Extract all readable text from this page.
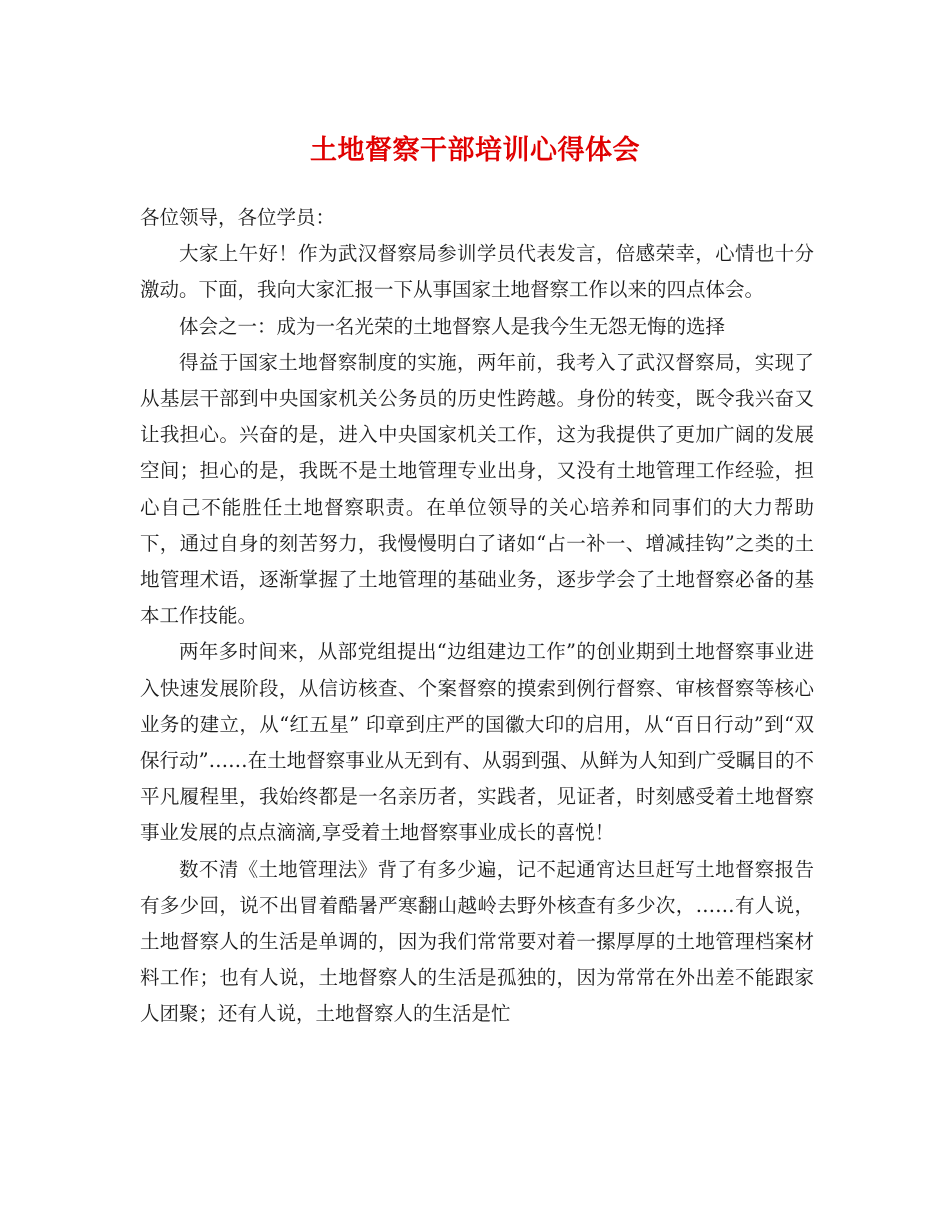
土地督察干部培训心得体会

各位领导，各位学员：

大家上午好！作为武汉督察局参训学员代表发言，倍感荣幸，心情也十分激动。下面，我向大家汇报一下从事国家土地督察工作以来的四点体会。

体会之一：成为一名光荣的土地督察人是我今生无怨无悔的选择

得益于国家土地督察制度的实施，两年前，我考入了武汉督察局，实现了从基层干部到中央国家机关公务员的历史性跨越。身份的转变，既令我兴奋又让我担心。兴奋的是，进入中央国家机关工作，这为我提供了更加广阔的发展空间；担心的是，我既不是土地管理专业出身，又没有土地管理工作经验，担心自己不能胜任土地督察职责。在单位领导的关心培养和同事们的大力帮助下，通过自身的刻苦努力，我慢慢明白了诸如“占一补一、增减挂钩”之类的土地管理术语，逐渐掌握了土地管理的基础业务，逐步学会了土地督察必备的基本工作技能。

两年多时间来，从部党组提出“边组建边工作”的创业期到土地督察事业进入快速发展阶段，从信访核查、个案督察的摸索到例行督察、审核督察等核心业务的建立，从“红五星” 印章到庄严的国徽大印的启用，从“百日行动”到“双保行动”……在土地督察事业从无到有、从弱到强、从鲜为人知到广受瞩目的不平凡履程里，我始终都是一名亲历者，实践者，见证者，时刻感受着土地督察事业发展的点点滴滴,享受着土地督察事业成长的喜悦！

数不清《土地管理法》背了有多少遍，记不起通宵达旦赶写土地督察报告有多少回，说不出冒着酷暑严寒翻山越岭去野外核查有多少次，……有人说，土地督察人的生活是单调的，因为我们常常要对着一摞厚厚的土地管理档案材料工作；也有人说，土地督察人的生活是孤独的，因为常常在外出差不能跟家人团聚；还有人说，土地督察人的生活是忙
